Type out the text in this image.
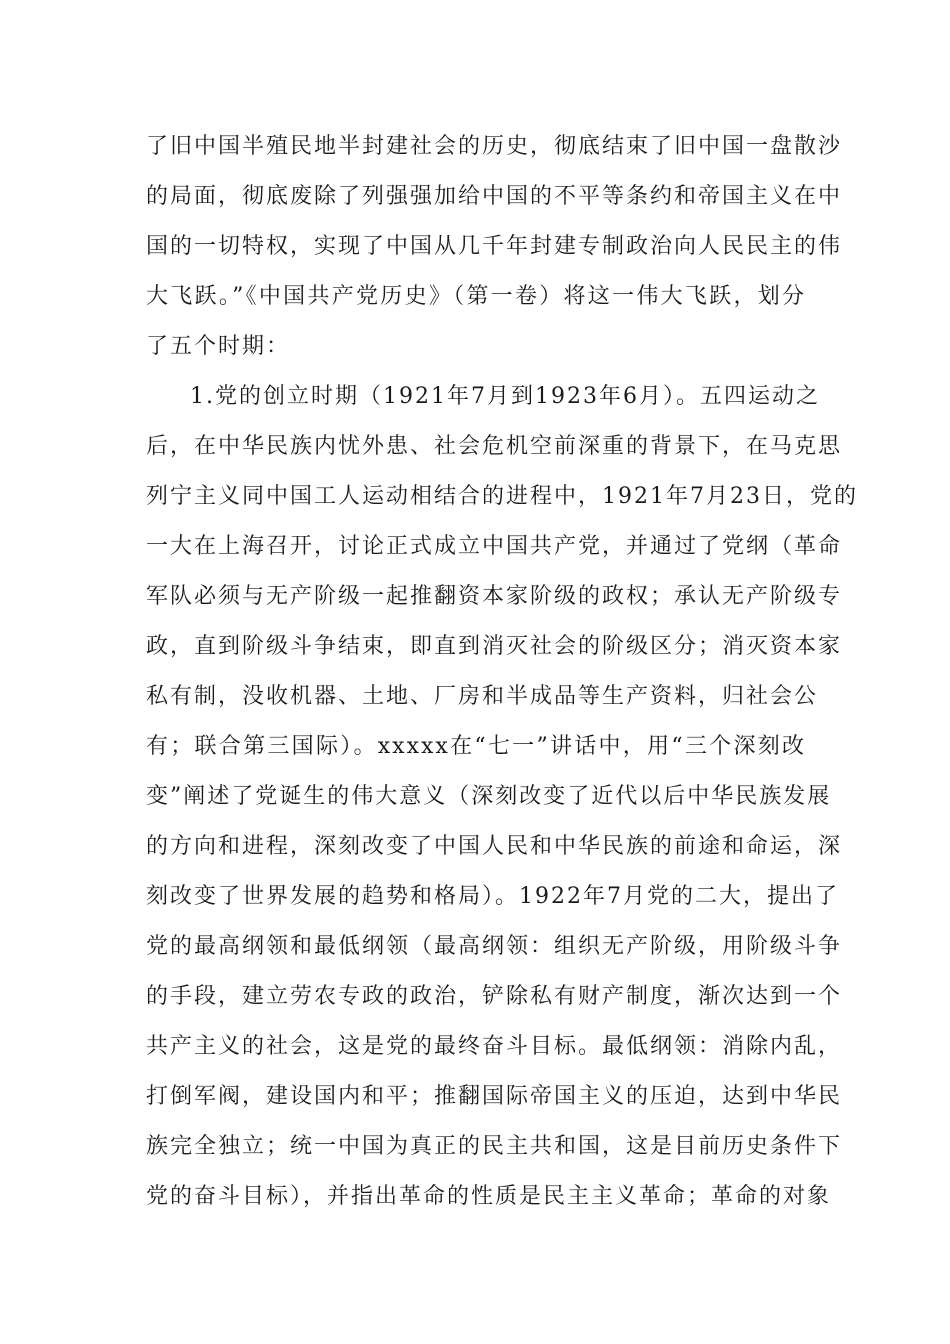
了旧中国半殖民地半封建社会的历史，彻底结束了旧中国一盘散沙
的局面，彻底废除了列强强加给中国的不平等条约和帝国主义在中
国的一切特权，实现了中国从几千年封建专制政治向人民民主的伟
大飞跃。”《中国共产党历史》（第一卷）将这一伟大飞跃，划分
了五个时期：
1.党的创立时期（1921年7月到1923年6月）。五四运动之
后，在中华民族内忧外患、社会危机空前深重的背景下，在马克思
列宁主义同中国工人运动相结合的进程中，1921年7月23日，党的
一大在上海召开，讨论正式成立中国共产党，并通过了党纲（革命
军队必须与无产阶级一起推翻资本家阶级的政权；承认无产阶级专
政，直到阶级斗争结束，即直到消灭社会的阶级区分；消灭资本家
私有制，没收机器、土地、厂房和半成品等生产资料，归社会公
有；联合第三国际）。xxxxx在“七一”讲话中，用“三个深刻改
变”阐述了党诞生的伟大意义（深刻改变了近代以后中华民族发展
的方向和进程，深刻改变了中国人民和中华民族的前途和命运，深
刻改变了世界发展的趋势和格局）。1922年7月党的二大，提出了
党的最高纲领和最低纲领（最高纲领：组织无产阶级，用阶级斗争
的手段，建立劳农专政的政治，铲除私有财产制度，渐次达到一个
共产主义的社会，这是党的最终奋斗目标。最低纲领：消除内乱，
打倒军阀，建设国内和平；推翻国际帝国主义的压迫，达到中华民
族完全独立；统一中国为真正的民主共和国，这是目前历史条件下
党的奋斗目标），并指出革命的性质是民主主义革命；革命的对象
